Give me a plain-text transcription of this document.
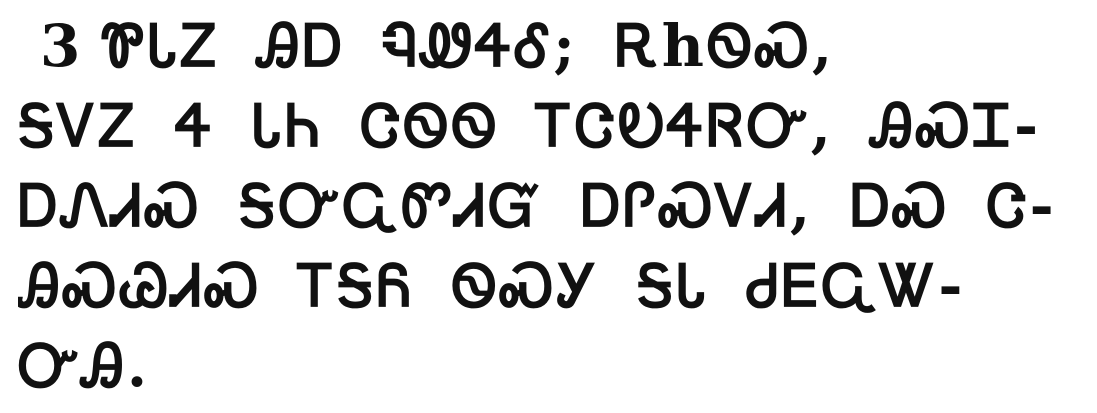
3 ᏈᏓᏃ ᎯᎠ ᏄᏪᏎᎴ; ᎡhᏫᏍ,
ᎦᏙᏃ Ꮞ ᏓᏂ ᏣᏫᏫ ᎢᏣᎧᏎᏒᏅ, ᎯᏍᏆ-
ᎠᏁᏗᏍ ᎦᏅᏩᏛᏗᏳ ᎠᎵᏍᏙᏗ, ᎠᏍ Ꮳ-
ᎯᏍᏊᏗᏍ ᎢᎦᏲ ᏫᏍᎩ ᎦᏓ ᏧᎬᏩᏔ-
ᏅᎯ.
